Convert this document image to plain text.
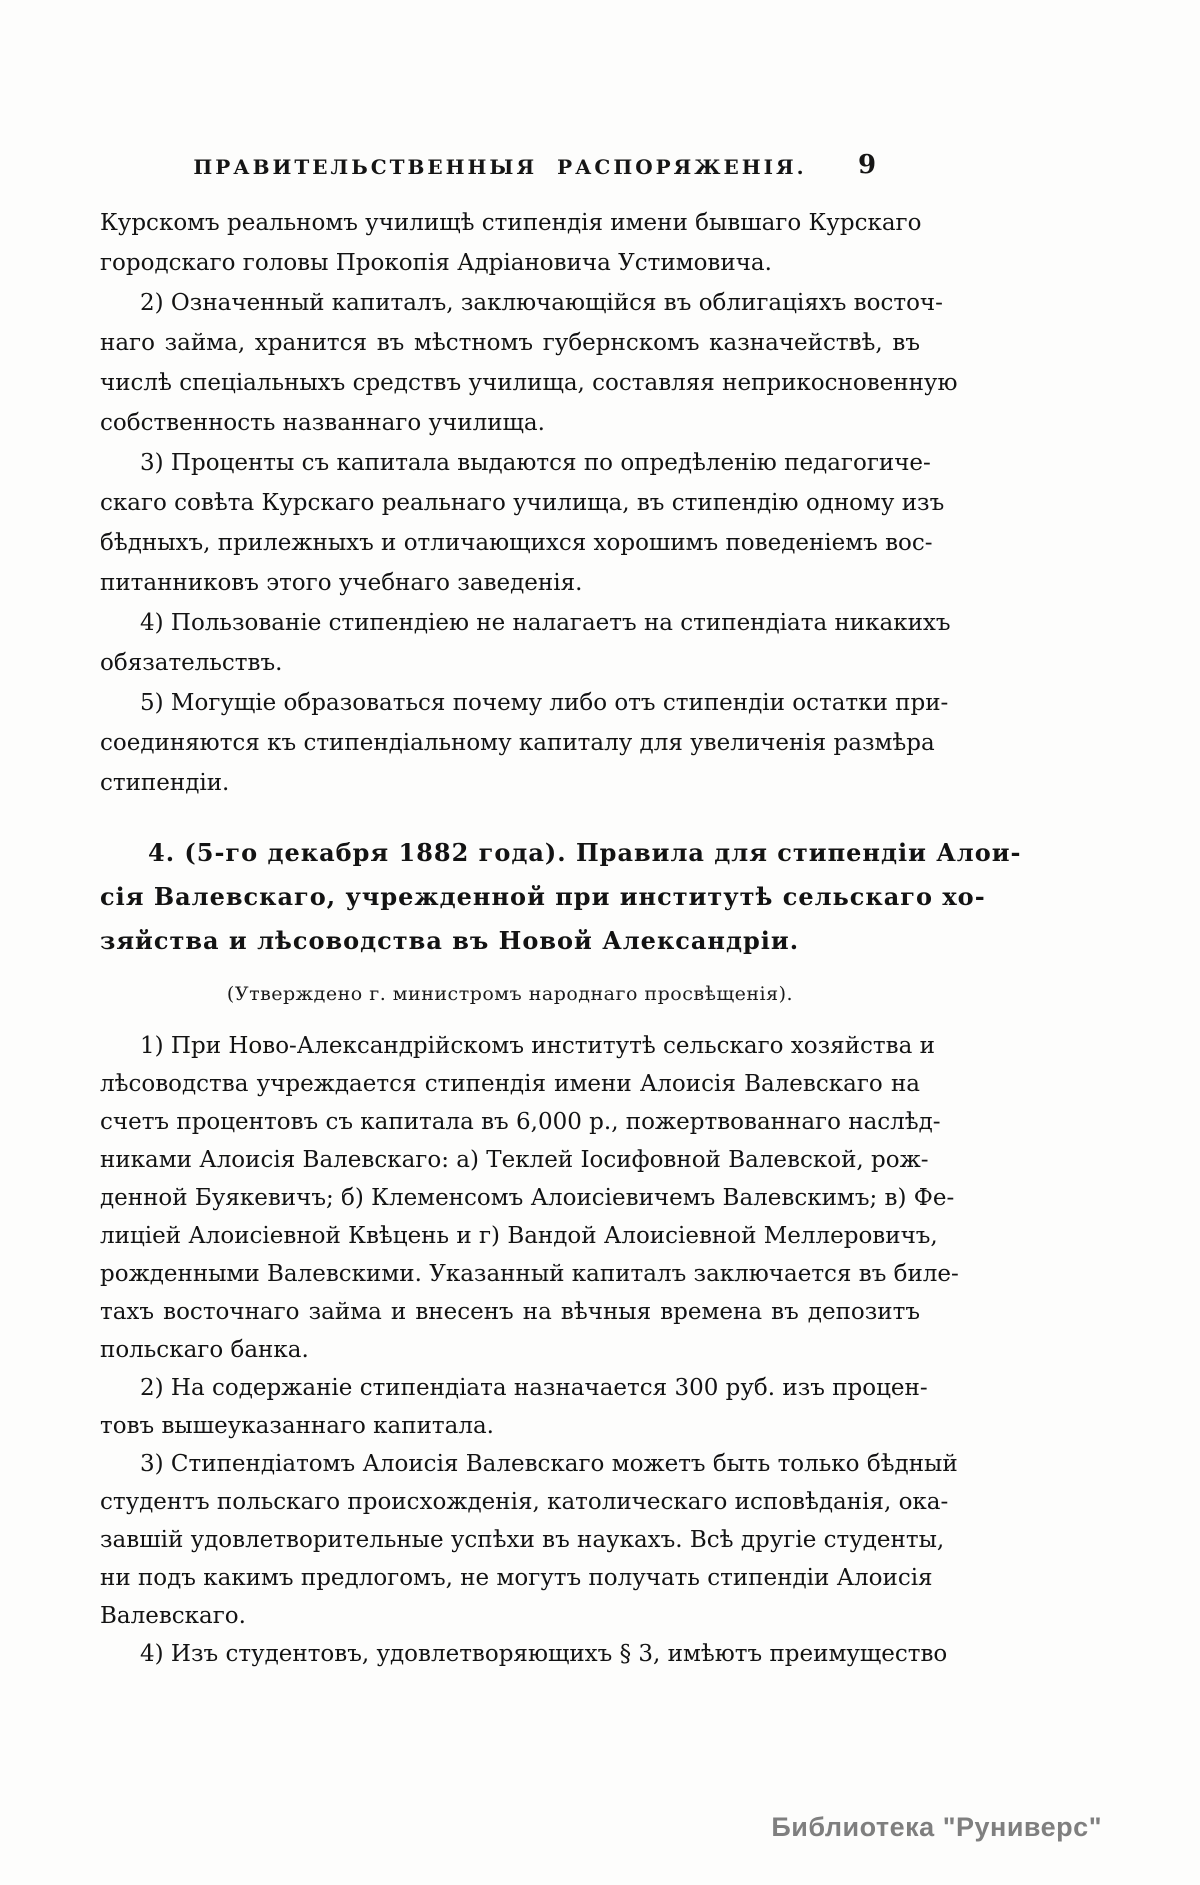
ПРАВИТЕЛЬСТВЕННЫЯ РАСПОРЯЖЕНІЯ.	9
Курскомъ реальномъ училищѣ стипендія имени бывшаго Курскаго
городскаго головы Прокопія Адріановича Устимовича.
2) Означенный капиталъ, заключающійся въ облигаціяхъ восточ-
наго займа, хранится въ мѣстномъ губернскомъ казначействѣ, въ
числѣ спеціальныхъ средствъ училища, составляя неприкосновенную
собственность названнаго училища.
3) Проценты съ капитала выдаются по опредѣленію педагогиче-
скаго совѣта Курскаго реальнаго училища, въ стипендію одному изъ
бѣдныхъ, прилежныхъ и отличающихся хорошимъ поведеніемъ вос-
питанниковъ этого учебнаго заведенія.
4) Пользованіе стипендіею не налагаетъ на стипендіата никакихъ
обязательствъ.
5) Могущіе образоваться почему либо отъ стипендіи остатки при-
соединяются къ стипендіальному капиталу для увеличенія размѣра
стипендіи.
4. (5-го декабря 1882 года). Правила для стипендіи Алои-
сія Валевскаго, учрежденной при институтѣ сельскаго хо-
зяйства и лѣсоводства въ Новой Александріи.
(Утверждено г. министромъ народнаго просвѣщенія).
1) При Ново-Александрійскомъ институтѣ сельскаго хозяйства и
лѣсоводства учреждается стипендія имени Алоисія Валевскаго на
счетъ процентовъ съ капитала въ 6,000 р., пожертвованнаго наслѣд-
никами Алоисія Валевскаго: а) Теклей Іосифовной Валевской, рож-
денной Буякевичъ; б) Клеменсомъ Алоисіевичемъ Валевскимъ; в) Фе-
лиціей Алоисіевной Квѣцень и г) Вандой Алоисіевной Меллеровичъ,
рожденными Валевскими. Указанный капиталъ заключается въ биле-
тахъ восточнаго займа и внесенъ на вѣчныя времена въ депозитъ
польскаго банка.
2) На содержаніе стипендіата назначается 300 руб. изъ процен-
товъ вышеуказаннаго капитала.
3) Стипендіатомъ Алоисія Валевскаго можетъ быть только бѣдный
студентъ польскаго происхожденія, католическаго исповѣданія, ока-
завшій удовлетворительные успѣхи въ наукахъ. Всѣ другіе студенты,
ни подъ какимъ предлогомъ, не могутъ получать стипендіи Алоисія
Валевскаго.
4) Изъ студентовъ, удовлетворяющихъ § 3, имѣютъ преимущество
Библиотека "Руниверс"
